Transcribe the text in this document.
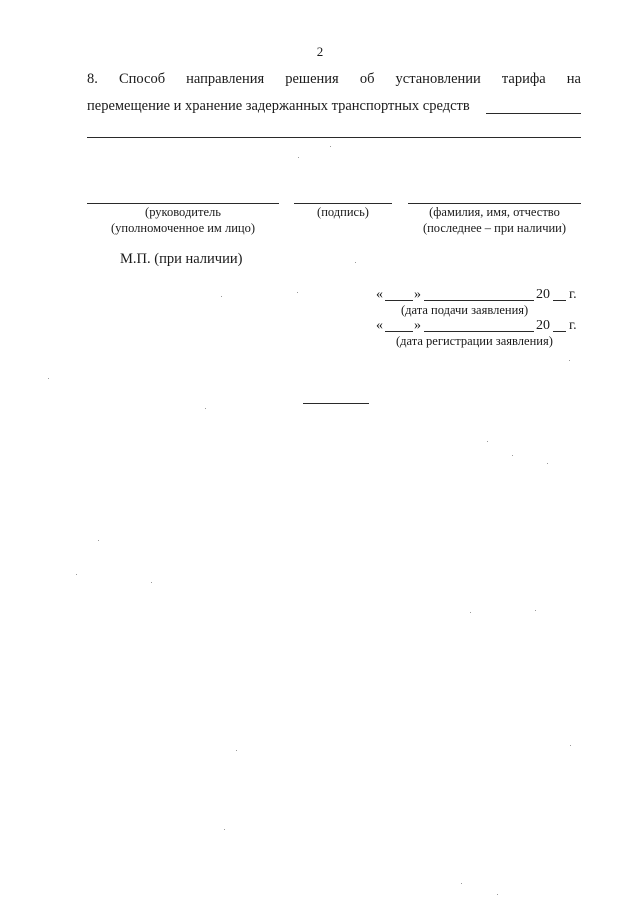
2
8. Способ направления решения об установлении тарифа на
перемещение и хранение задержанных транспортных средств
(руководитель
(уполномоченное им лицо)
(подпись)	(фамилия, имя, отчество
(последнее – при наличии)
М.П. (при наличии)
« »	20 г.
(дата подачи заявления)
« »	20 г.
(дата регистрации заявления)
